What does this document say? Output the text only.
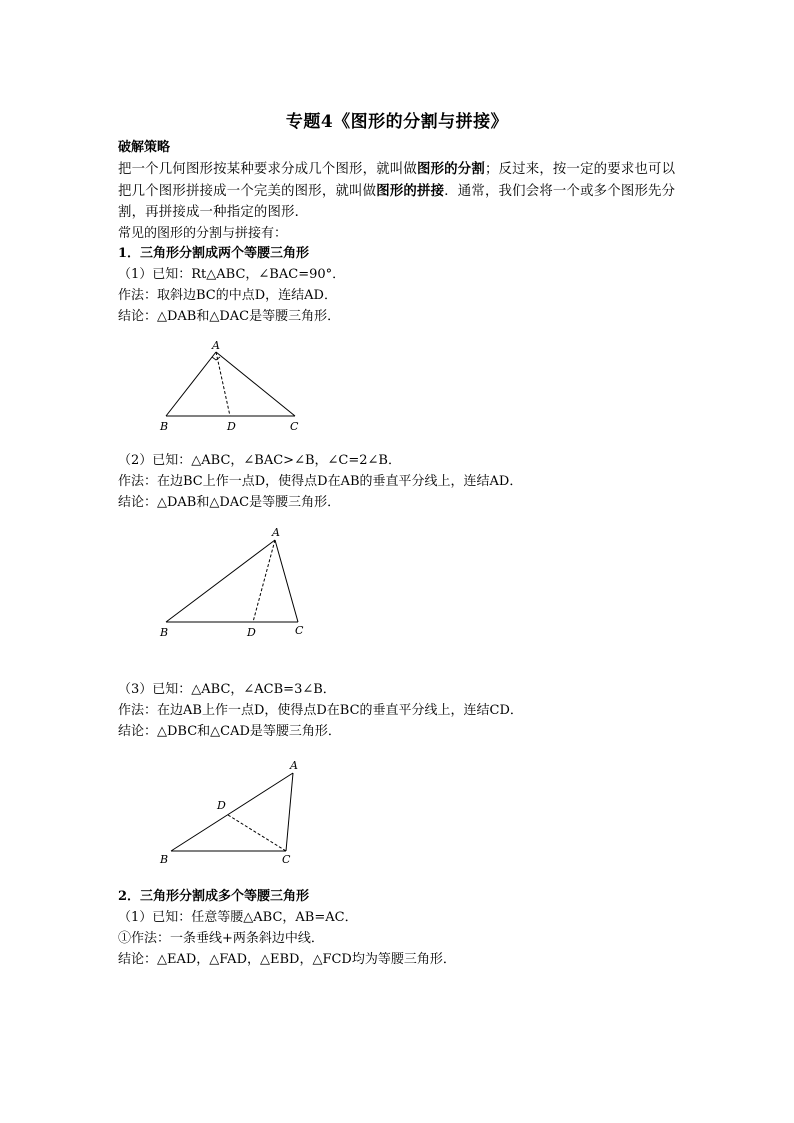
专题4《图形的分割与拼接》
破解策略
把一个几何图形按某种要求分成几个图形，就叫做图形的分割；反过来，按一定的要求也可以把几个图形拼接成一个完美的图形，就叫做图形的拼接．通常，我们会将一个或多个图形先分割，再拼接成一种指定的图形．
常见的图形的分割与拼接有：
1．三角形分割成两个等腰三角形
（1）已知：Rt△ABC，∠BAC=90°．
作法：取斜边BC的中点D，连结AD．
结论：△DAB和△DAC是等腰三角形．
A
B	D	C
（2）已知：△ABC，∠BAC>∠B，∠C=2∠B．
作法：在边BC上作一点D，使得点D在AB的垂直平分线上，连结AD．
结论：△DAB和△DAC是等腰三角形．
A
B	D	C
（3）已知：△ABC，∠ACB=3∠B．
作法：在边AB上作一点D，使得点D在BC的垂直平分线上，连结CD．
结论：△DBC和△CAD是等腰三角形．
A
D
B	C
2．三角形分割成多个等腰三角形
（1）已知：任意等腰△ABC，AB=AC．
①作法：一条垂线+两条斜边中线．
结论：△EAD，△FAD，△EBD，△FCD均为等腰三角形．
